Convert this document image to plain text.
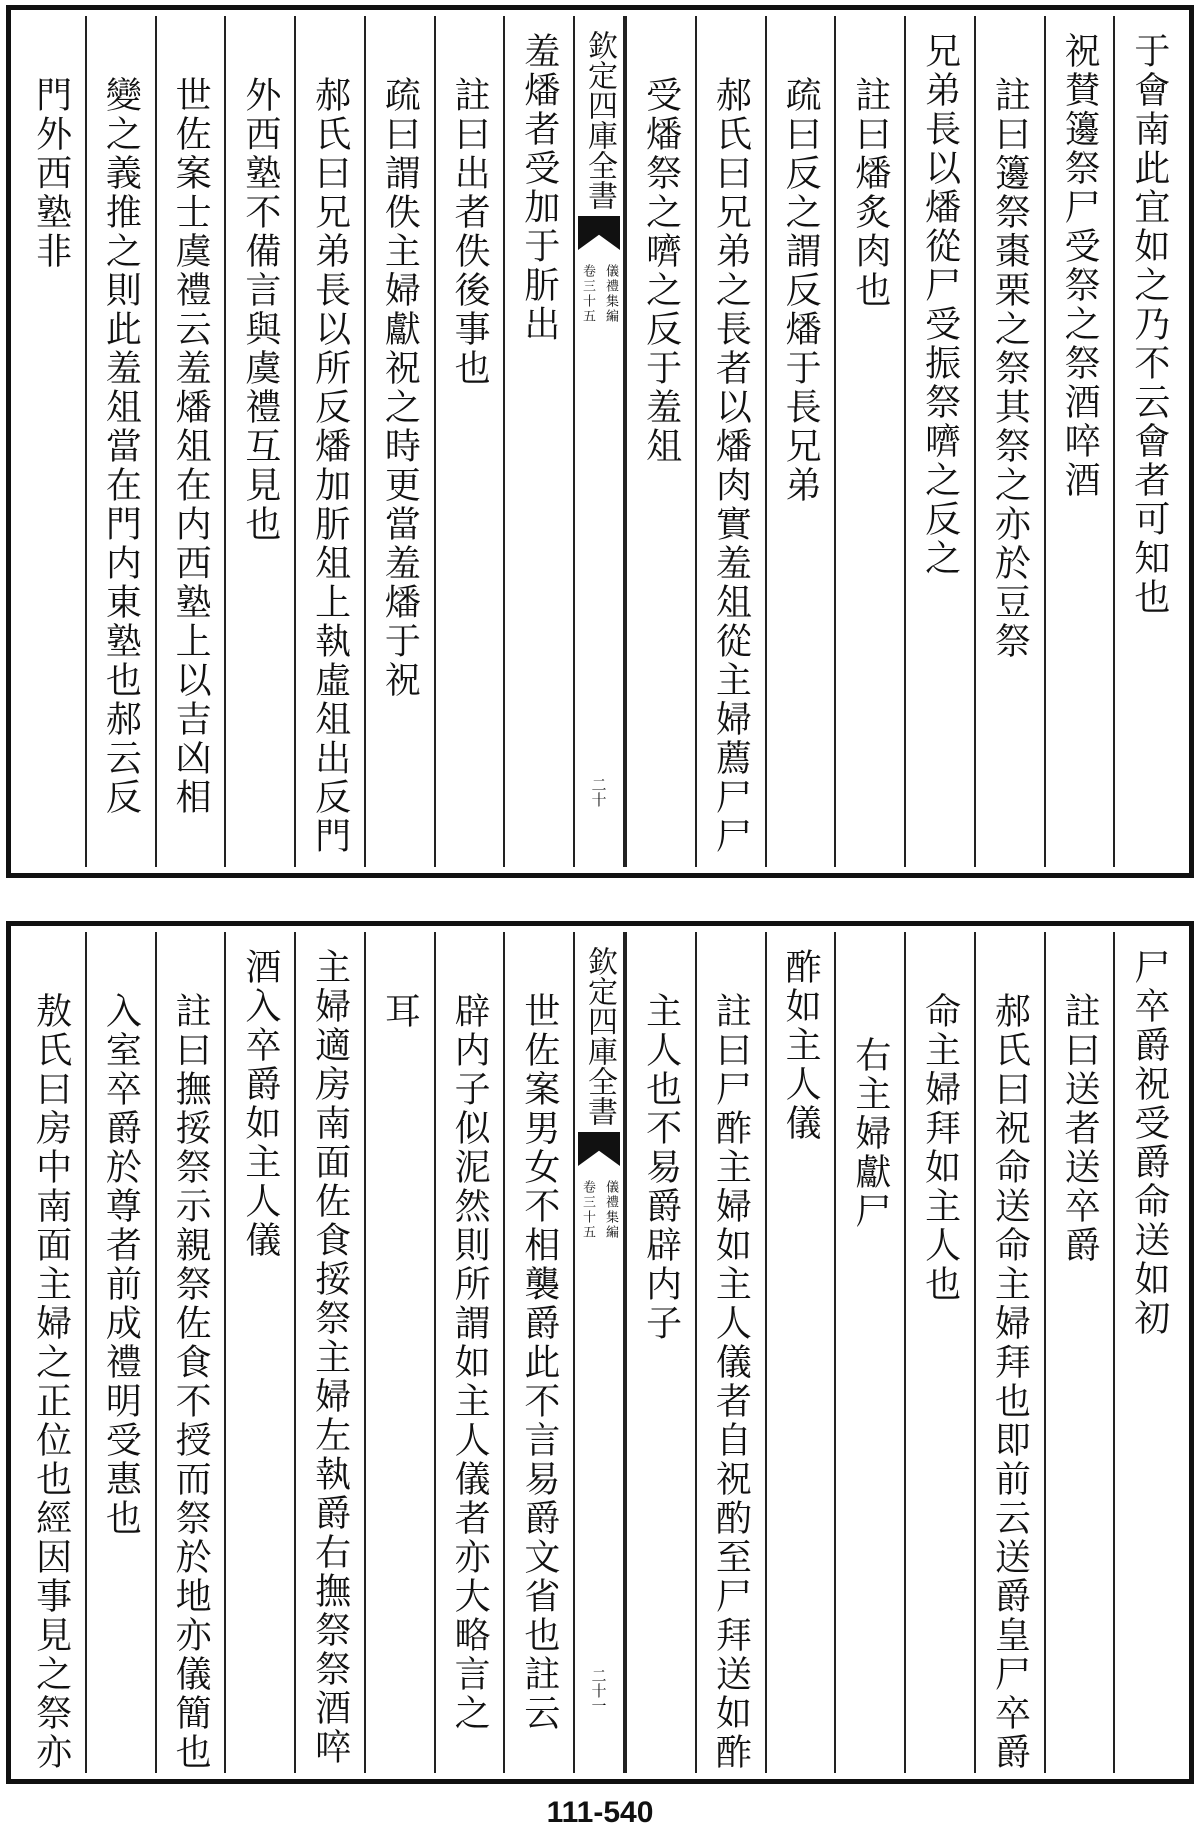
于會南此宜如之乃不云會者可知也
祝賛籩祭尸受祭之祭酒啐酒
註曰籩祭棗栗之祭其祭之亦於豆祭
兄弟長以燔從尸受振祭嚌之反之
註曰燔炙肉也
疏曰反之謂反燔于長兄弟
郝氏曰兄弟之長者以燔肉實羞俎從主婦薦尸尸
受燔祭之嚌之反于羞俎
欽定四庫全書
儀禮集編
卷三十五
二十
羞燔者受加于肵出
註曰出者佚後事也
疏曰謂佚主婦獻祝之時更當羞燔于祝
郝氏曰兄弟長以所反燔加肵俎上執虛俎出反門
外西塾不備言與虞禮互見也
世佐案士虞禮云羞燔俎在内西塾上以吉凶相
變之義推之則此羞俎當在門内東塾也郝云反
門外西塾非
尸卒爵祝受爵命送如初
註曰送者送卒爵
郝氏曰祝命送命主婦拜也即前云送爵皇尸卒爵
命主婦拜如主人也
右主婦獻尸
酢如主人儀
註曰尸酢主婦如主人儀者自祝酌至尸拜送如酢
主人也不易爵辟内子
欽定四庫全書
儀禮集編
卷三十五
二十一
世佐案男女不相襲爵此不言易爵文省也註云
辟内子似泥然則所謂如主人儀者亦大略言之
耳
主婦適房南面佐食挼祭主婦左執爵右撫祭祭酒啐
酒入卒爵如主人儀
註曰撫挼祭示親祭佐食不授而祭於地亦儀簡也
入室卒爵於尊者前成禮明受惠也
敖氏曰房中南面主婦之正位也經因事見之祭亦
111-540
